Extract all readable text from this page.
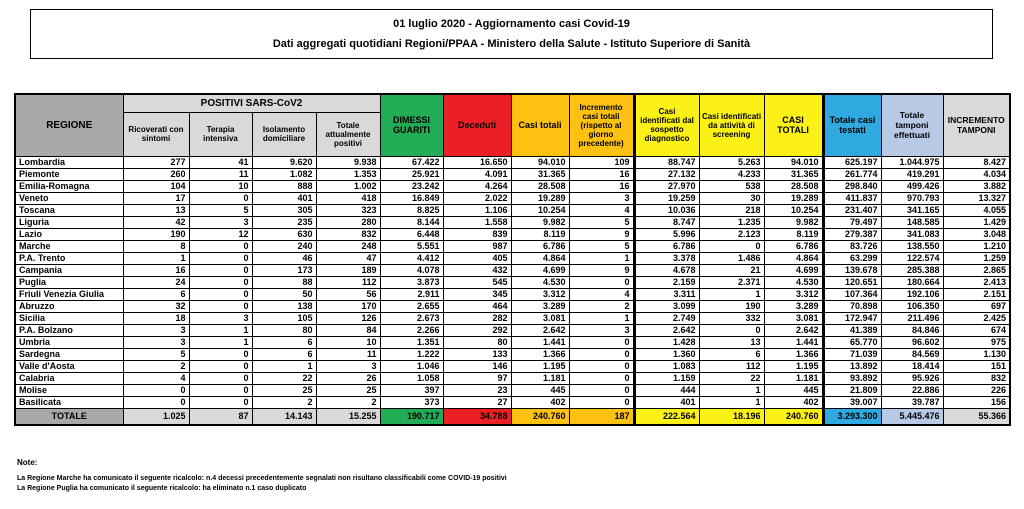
01 luglio 2020 - Aggiornamento casi Covid-19
Dati aggregati quotidiani Regioni/PPAA - Ministero della Salute - Istituto Superiore di Sanità
REGIONE	POSITIVI SARS-CoV2				DIMESSI GUARITI	Deceduti	Casi totali	Incremento casi totali (rispetto al giorno precedente)	Casi identificati dal sospetto diagnostico	Casi identificati da attività di screening	CASI TOTALI	Totale casi testati	Totale tamponi effettuati	INCREMENTO TAMPONI
	Ricoverati con sintomi	Terapia intensiva	Isolamento domiciliare	Totale attualmente positivi										
Lombardia	277	41	9.620	9.938	67.422	16.650	94.010	109	88.747	5.263	94.010	625.197	1.044.975	8.427
Piemonte	260	11	1.082	1.353	25.921	4.091	31.365	16	27.132	4.233	31.365	261.774	419.291	4.034
Emilia-Romagna	104	10	888	1.002	23.242	4.264	28.508	16	27.970	538	28.508	298.840	499.426	3.882
Veneto	17	0	401	418	16.849	2.022	19.289	3	19.259	30	19.289	411.837	970.793	13.327
Toscana	13	5	305	323	8.825	1.106	10.254	4	10.036	218	10.254	231.407	341.165	4.055
Liguria	42	3	235	280	8.144	1.558	9.982	5	8.747	1.235	9.982	79.497	148.585	1.429
Lazio	190	12	630	832	6.448	839	8.119	9	5.996	2.123	8.119	279.387	341.083	3.048
Marche	8	0	240	248	5.551	987	6.786	5	6.786	0	6.786	83.726	138.550	1.210
P.A. Trento	1	0	46	47	4.412	405	4.864	1	3.378	1.486	4.864	63.299	122.574	1.259
Campania	16	0	173	189	4.078	432	4.699	9	4.678	21	4.699	139.678	285.388	2.865
Puglia	24	0	88	112	3.873	545	4.530	0	2.159	2.371	4.530	120.651	180.664	2.413
Friuli Venezia Giulia	6	0	50	56	2.911	345	3.312	4	3.311	1	3.312	107.364	192.106	2.151
Abruzzo	32	0	138	170	2.655	464	3.289	2	3.099	190	3.289	70.898	106.350	697
Sicilia	18	3	105	126	2.673	282	3.081	1	2.749	332	3.081	172.947	211.496	2.425
P.A. Bolzano	3	1	80	84	2.266	292	2.642	3	2.642	0	2.642	41.389	84.846	674
Umbria	3	1	6	10	1.351	80	1.441	0	1.428	13	1.441	65.770	96.602	975
Sardegna	5	0	6	11	1.222	133	1.366	0	1.360	6	1.366	71.039	84.569	1.130
Valle d'Aosta	2	0	1	3	1.046	146	1.195	0	1.083	112	1.195	13.892	18.414	151
Calabria	4	0	22	26	1.058	97	1.181	0	1.159	22	1.181	93.892	95.926	832
Molise	0	0	25	25	397	23	445	0	444	1	445	21.809	22.886	226
Basilicata	0	0	2	2	373	27	402	0	401	1	402	39.007	39.787	156
TOTALE	1.025	87	14.143	15.255	190.717	34.788	240.760	187	222.564	18.196	240.760	3.293.300	5.445.476	55.366
Note:
La Regione Marche ha comunicato il seguente ricalcolo: n.4 decessi precedentemente segnalati non risultano classificabili come COVID-19 positivi
La Regione Puglia ha comunicato il seguente ricalcolo: ha eliminato n.1 caso duplicato
